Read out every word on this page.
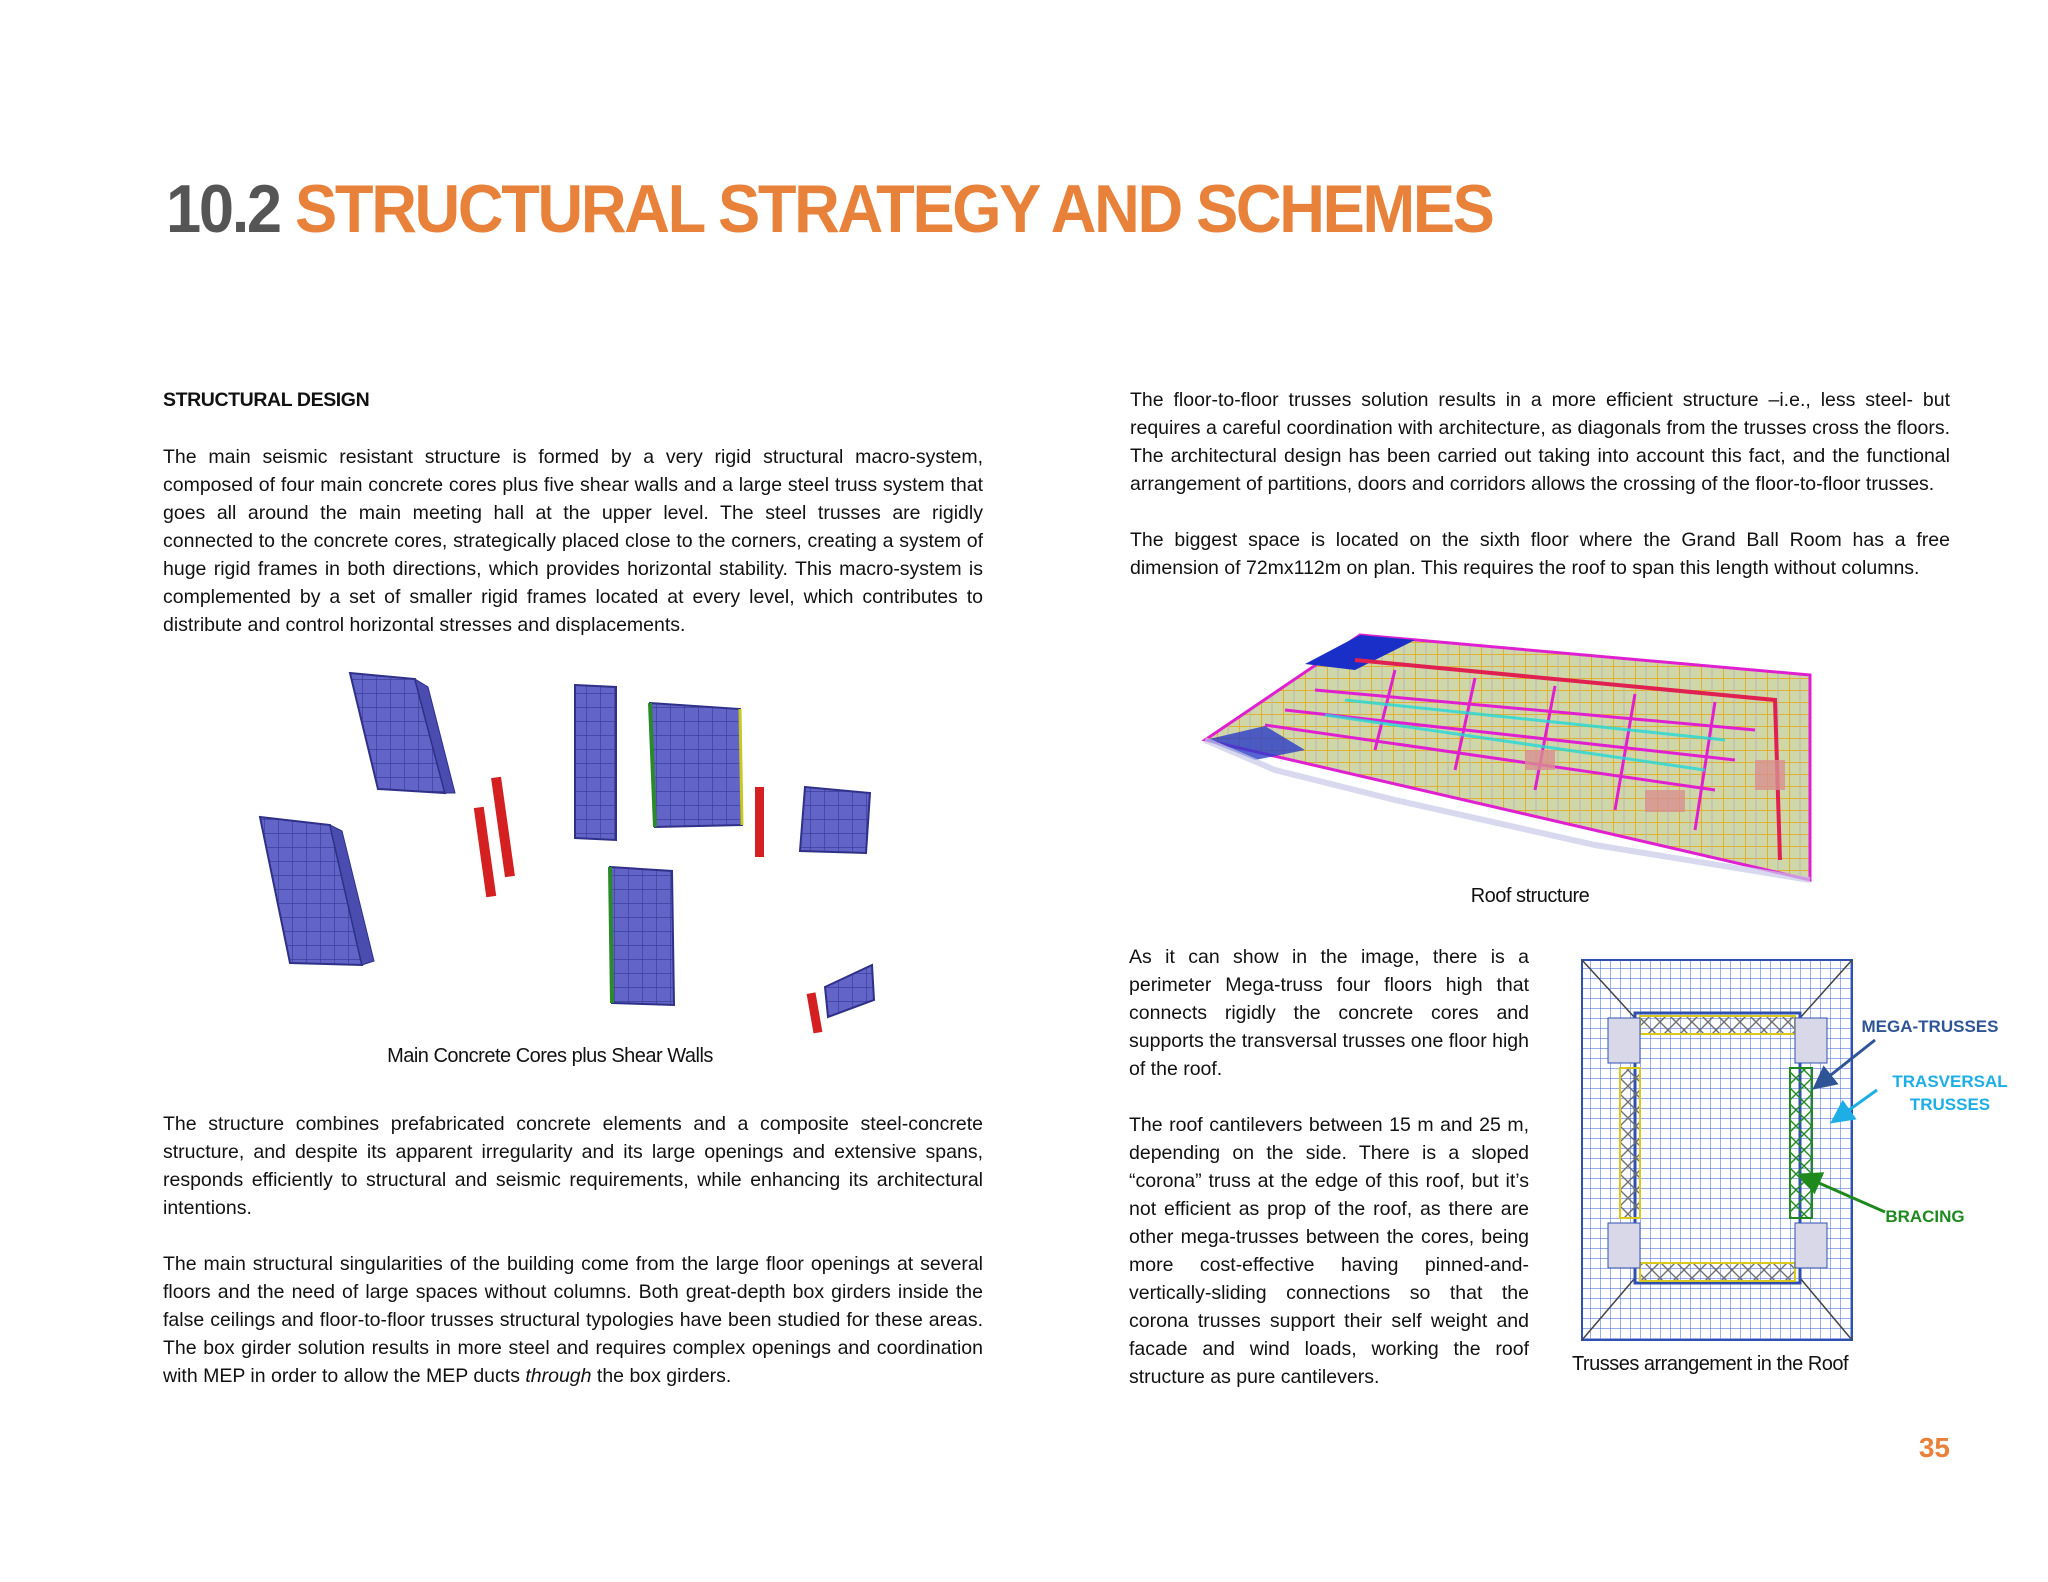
10.2 STRUCTURAL STRATEGY AND SCHEMES
STRUCTURAL DESIGN

The main seismic resistant structure is formed by a very rigid structural macro-system, composed of four main concrete cores plus five shear walls and a large steel truss system that goes all around the main meeting hall at the upper level. The steel trusses are rigidly connected to the concrete cores, strategically placed close to the corners, creating a system of huge rigid frames in both directions, which provides horizontal stability. This macro-system is complemented by a set of smaller rigid frames located at every level, which contributes to distribute and control horizontal stresses and displacements.

Main Concrete Cores plus Shear Walls

The structure combines prefabricated concrete elements and a composite steel-concrete structure, and despite its apparent irregularity and its large openings and extensive spans, responds efficiently to structural and seismic requirements, while enhancing its architectural intentions.

The main structural singularities of the building come from the large floor openings at several floors and the need of large spaces without columns. Both great-depth box girders inside the false ceilings and floor-to-floor trusses structural typologies have been studied for these areas. The box girder solution results in more steel and requires complex openings and coordination with MEP in order to allow the MEP ducts through the box girders.

The floor-to-floor trusses solution results in a more efficient structure –i.e., less steel- but requires a careful coordination with architecture, as diagonals from the trusses cross the floors. The architectural design has been carried out taking into account this fact, and the functional arrangement of partitions, doors and corridors allows the crossing of the floor-to-floor trusses.

The biggest space is located on the sixth floor where the Grand Ball Room has a free dimension of 72mx112m on plan. This requires the roof to span this length without columns.

Roof structure

As it can show in the image, there is a perimeter Mega-truss four floors high that connects rigidly the concrete cores and supports the transversal trusses one floor high of the roof.

The roof cantilevers between 15 m and 25 m, depending on the side. There is a sloped “corona” truss at the edge of this roof, but it’s not efficient as prop of the roof, as there are other mega-trusses between the cores, being more cost-effective having pinned-and-vertically-sliding connections so that the corona trusses support their self weight and facade and wind loads, working the roof structure as pure cantilevers.

Trusses arrangement in the Roof
MEGA-TRUSSES
TRASVERSAL
TRUSSES
BRACING
35
